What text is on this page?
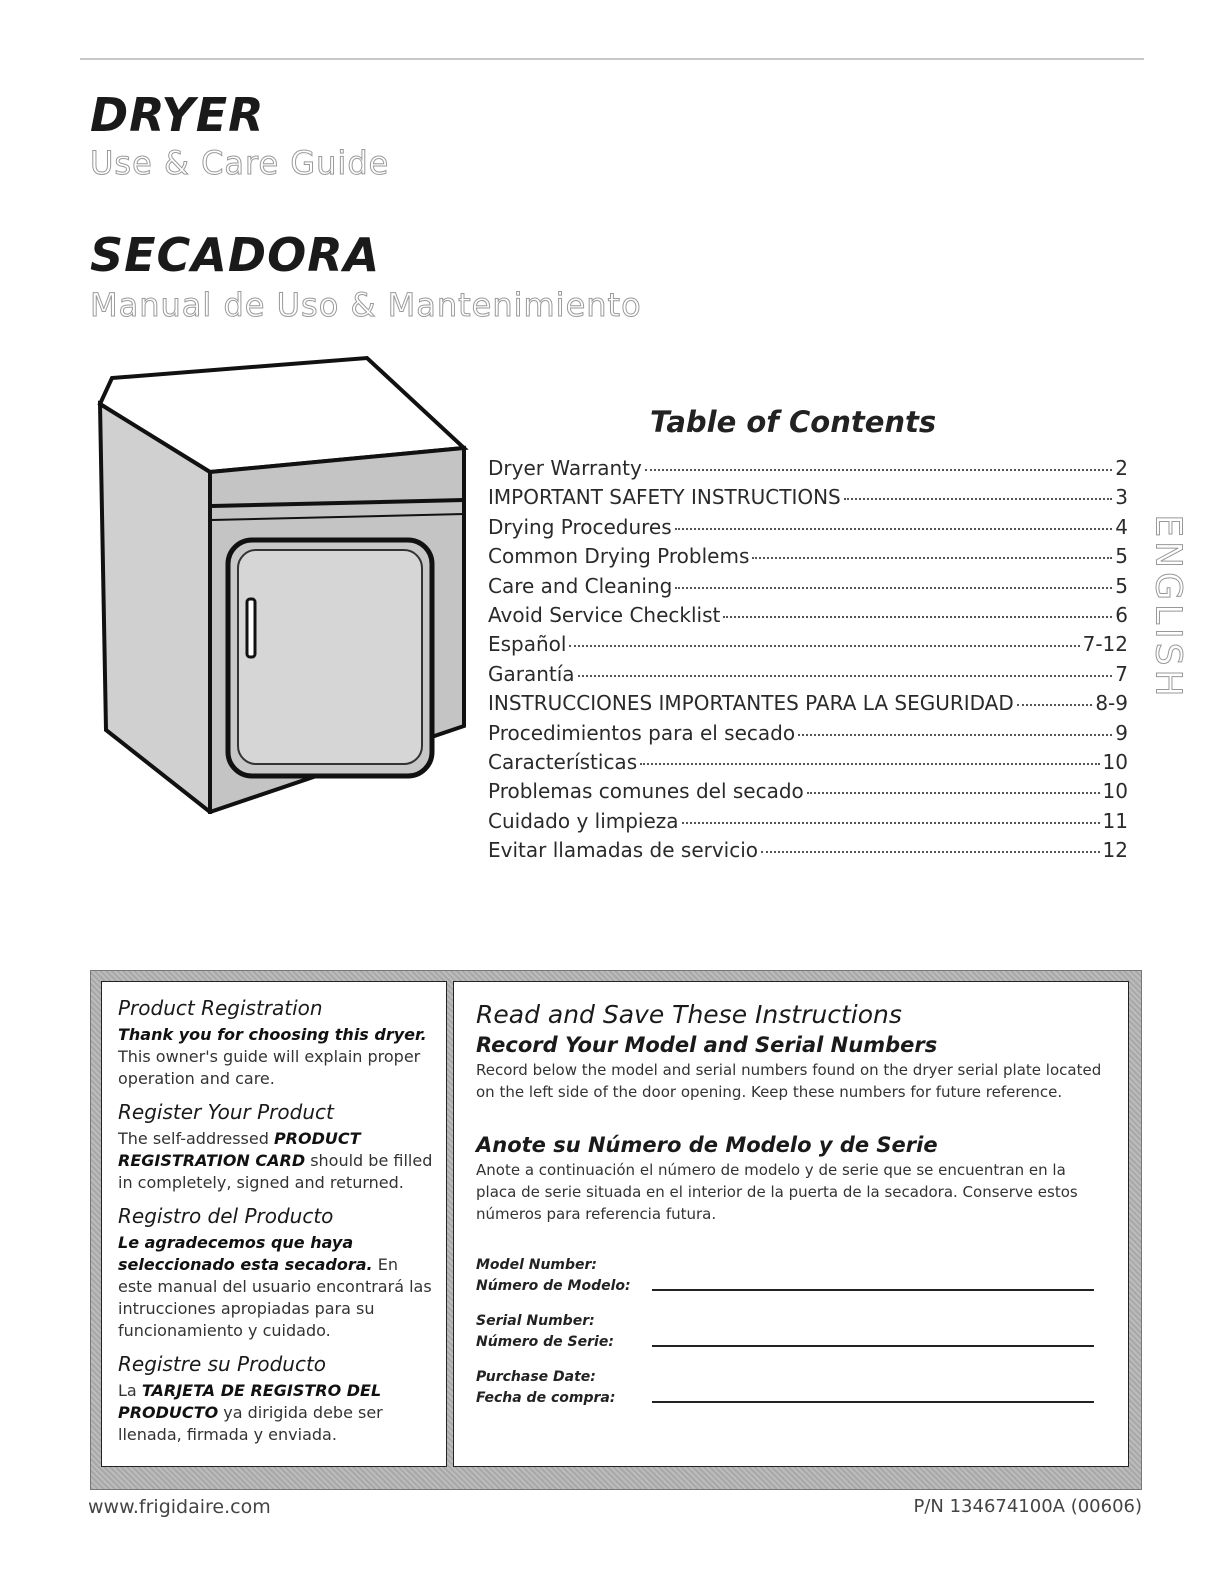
DRYER
Use & Care Guide
SECADORA
Manual de Uso & Mantenimiento
Table of Contents
Dryer Warranty	2
IMPORTANT SAFETY INSTRUCTIONS	3
Drying Procedures	4
Common Drying Problems	5
Care and Cleaning	5
Avoid Service Checklist	6
Español	7-12
Garantía	7
INSTRUCCIONES IMPORTANTES PARA LA SEGURIDAD	8-9
Procedimientos para el secado	9
Características	10
Problemas comunes del secado	10
Cuidado y limpieza	11
Evitar llamadas de servicio	12
ENGLISH
Product Registration

Thank you for choosing this dryer. This owner's guide will explain proper operation and care.

Register Your Product

The self-addressed PRODUCT REGISTRATION CARD should be filled in completely, signed and returned.

Registro del Producto

Le agradecemos que haya seleccionado esta secadora. En este manual del usuario encontrará las intrucciones apropiadas para su funcionamiento y cuidado.

Registre su Producto

La TARJETA DE REGISTRO DEL PRODUCTO ya dirigida debe ser llenada, firmada y enviada.

Read and Save These Instructions
Record Your Model and Serial Numbers

Record below the model and serial numbers found on the dryer serial plate located on the left side of the door opening. Keep these numbers for future reference.

Anote su Número de Modelo y de Serie

Anote a continuación el número de modelo y de serie que se encuentran en la placa de serie situada en el interior de la puerta de la secadora. Conserve estos números para referencia futura.

Model Number:
Número de Modelo:
Serial Number:
Número de Serie:
Purchase Date:
Fecha de compra:
www.frigidaire.com	P/N 134674100A (00606)
